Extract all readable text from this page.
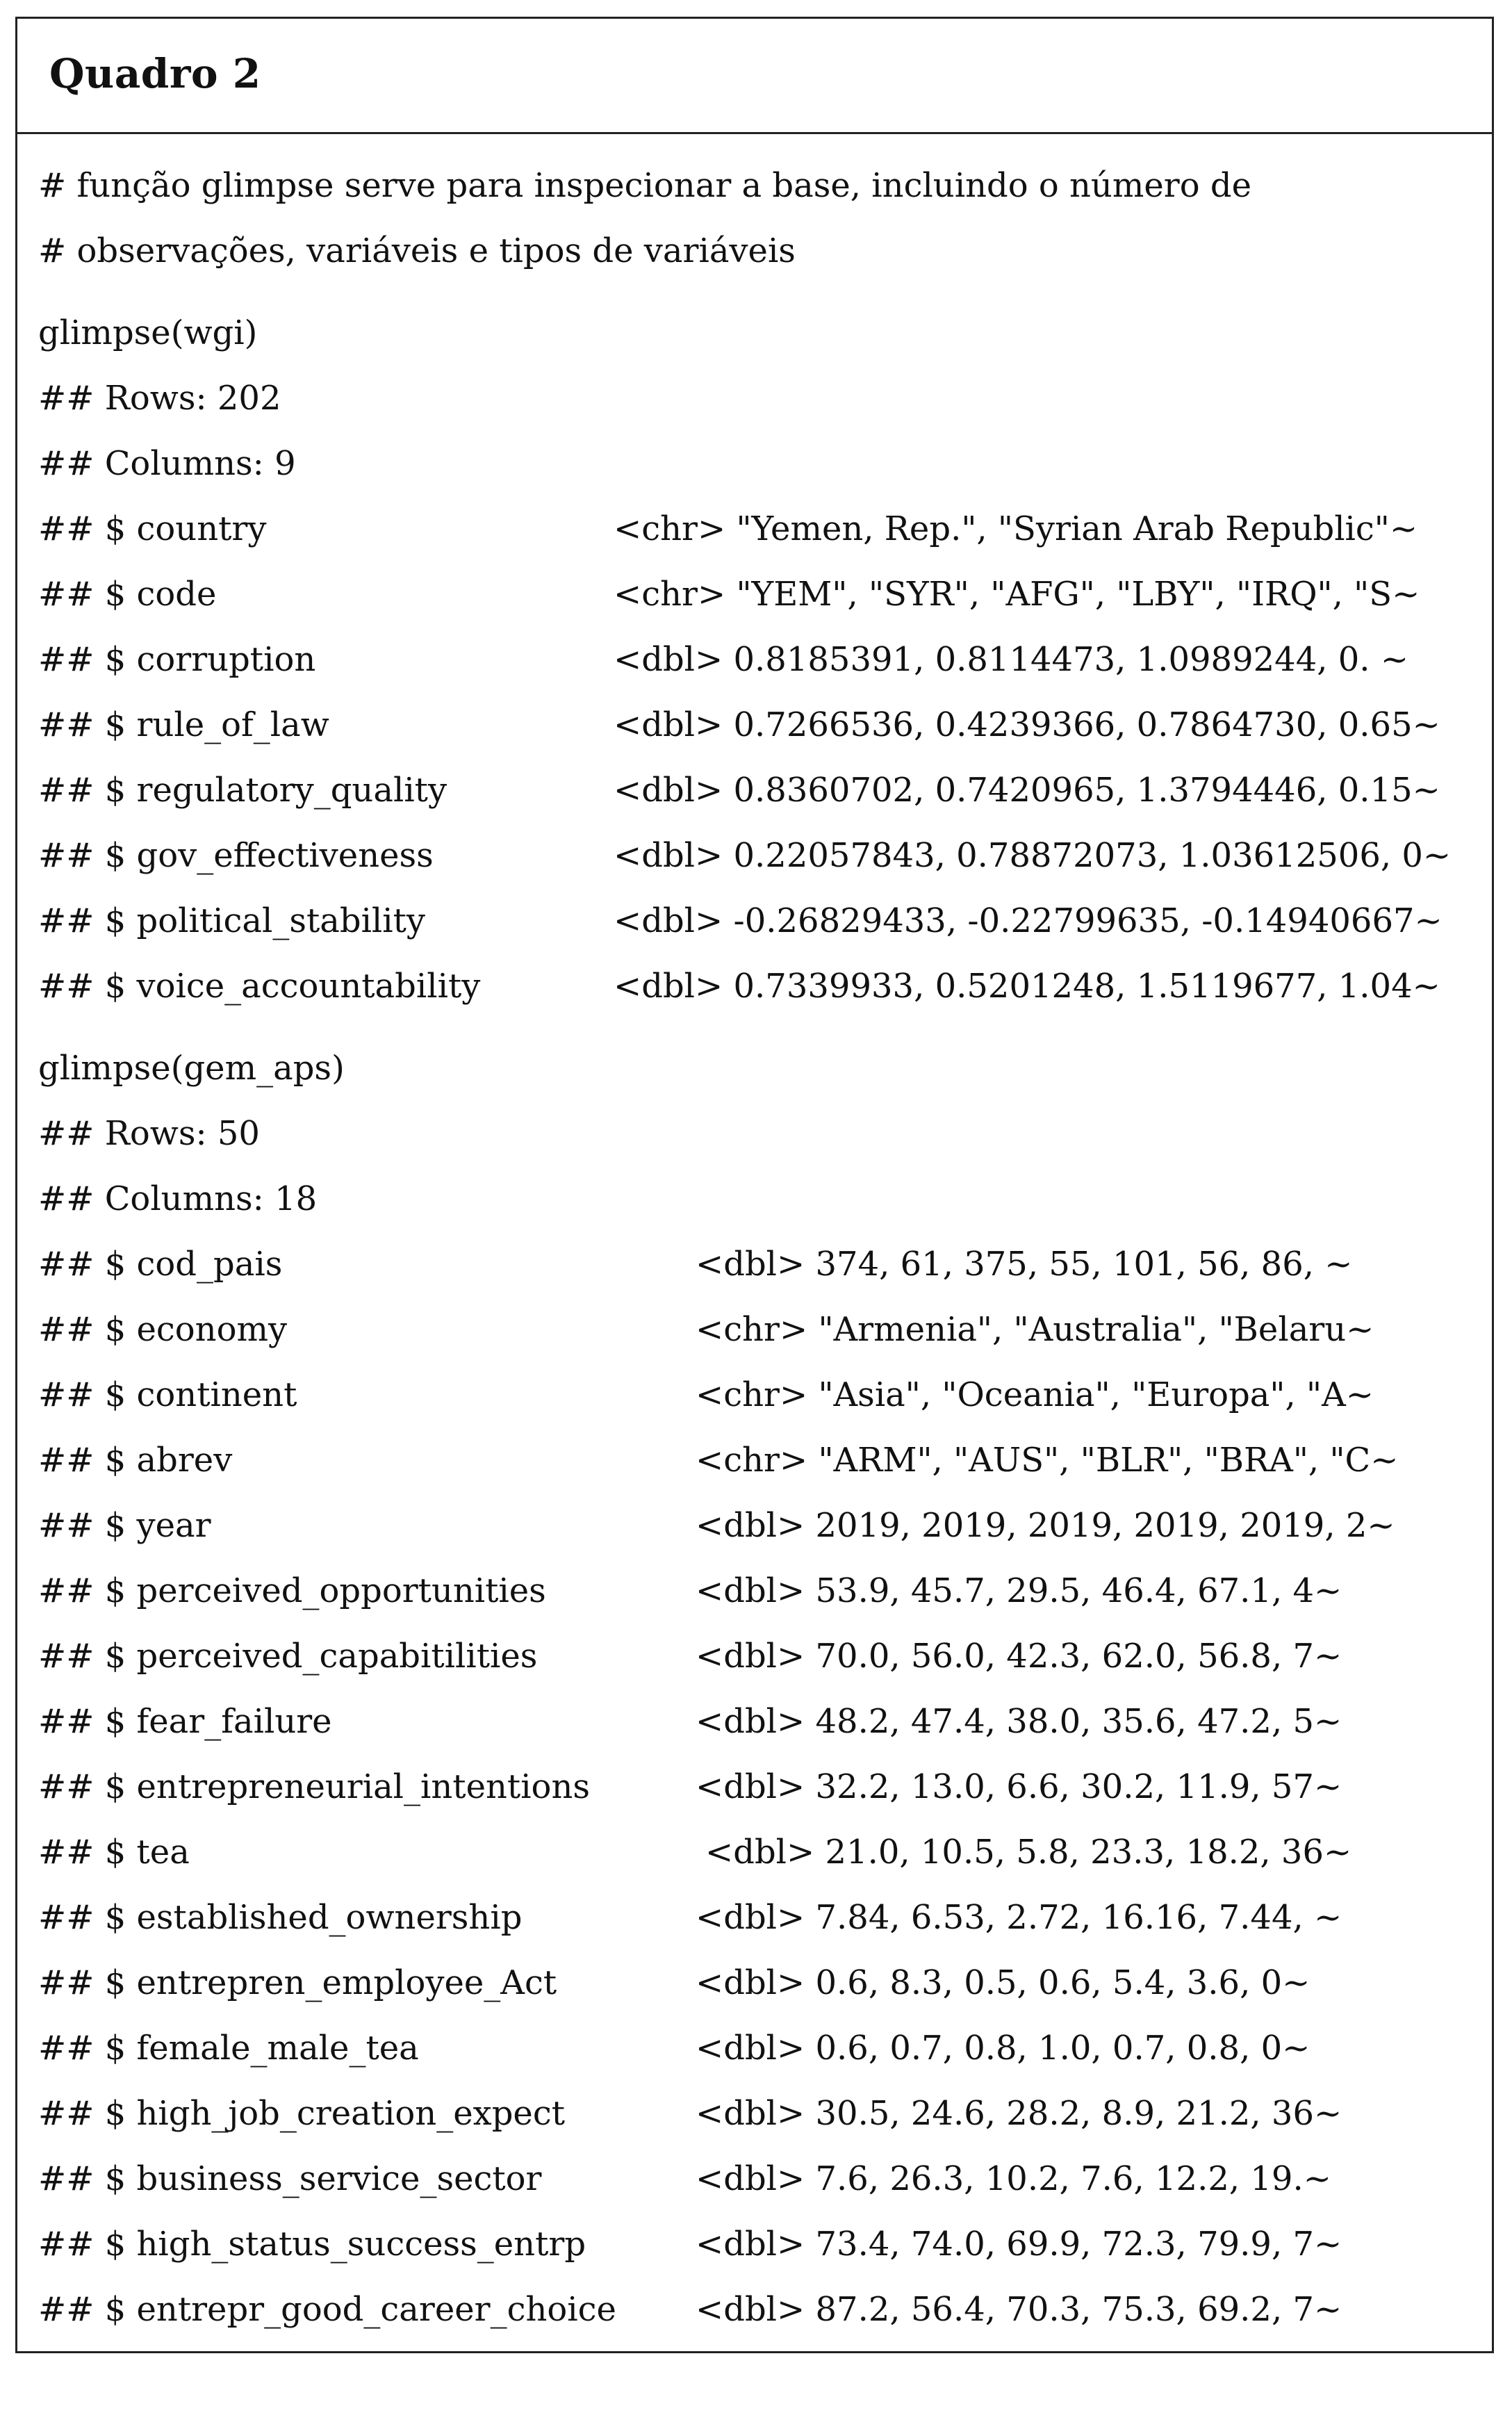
Quadro 2
# função glimpse serve para inspecionar a base, incluindo o número de
# observações, variáveis e tipos de variáveis
glimpse(wgi)
## Rows: 202
## Columns: 9

## $ country

	<chr> "Yemen, Rep.", "Syrian Arab Republic"~

## $ code

	<chr> "YEM", "SYR", "AFG", "LBY", "IRQ", "S~

## $ corruption

	<dbl> 0.8185391, 0.8114473, 1.0989244, 0. ~

## $ rule_of_law

	<dbl> 0.7266536, 0.4239366, 0.7864730, 0.65~

## $ regulatory_quality

	<dbl> 0.8360702, 0.7420965, 1.3794446, 0.15~

## $ gov_effectiveness

	<dbl> 0.22057843, 0.78872073, 1.03612506, 0~

## $ political_stability

	<dbl> -0.26829433, -0.22799635, -0.14940667~

## $ voice_accountability

	<dbl> 0.7339933, 0.5201248, 1.5119677, 1.04~

glimpse(gem_aps)
## Rows: 50
## Columns: 18

## $ cod_pais

	<dbl> 374, 61, 375, 55, 101, 56, 86, ~

## $ economy

	<chr> "Armenia", "Australia", "Belaru~

## $ continent

	<chr> "Asia", "Oceania", "Europa", "A~

## $ abrev

	<chr> "ARM", "AUS", "BLR", "BRA", "C~

## $ year

	<dbl> 2019, 2019, 2019, 2019, 2019, 2~

## $ perceived_opportunities

	<dbl> 53.9, 45.7, 29.5, 46.4, 67.1, 4~

## $ perceived_capabitilities

	<dbl> 70.0, 56.0, 42.3, 62.0, 56.8, 7~

## $ fear_failure

	<dbl> 48.2, 47.4, 38.0, 35.6, 47.2, 5~

## $ entrepreneurial_intentions

	<dbl> 32.2, 13.0, 6.6, 30.2, 11.9, 57~

## $ tea

	<dbl> 21.0, 10.5, 5.8, 23.3, 18.2, 36~

## $ established_ownership

	<dbl> 7.84, 6.53, 2.72, 16.16, 7.44, ~

## $ entrepren_employee_Act

	<dbl> 0.6, 8.3, 0.5, 0.6, 5.4, 3.6, 0~

## $ female_male_tea

	<dbl> 0.6, 0.7, 0.8, 1.0, 0.7, 0.8, 0~

## $ high_job_creation_expect

	<dbl> 30.5, 24.6, 28.2, 8.9, 21.2, 36~

## $ business_service_sector

	<dbl> 7.6, 26.3, 10.2, 7.6, 12.2, 19.~

## $ high_status_success_entrp

	<dbl> 73.4, 74.0, 69.9, 72.3, 79.9, 7~

## $ entrepr_good_career_choice

<dbl> 87.2, 56.4, 70.3, 75.3, 69.2, 7~
